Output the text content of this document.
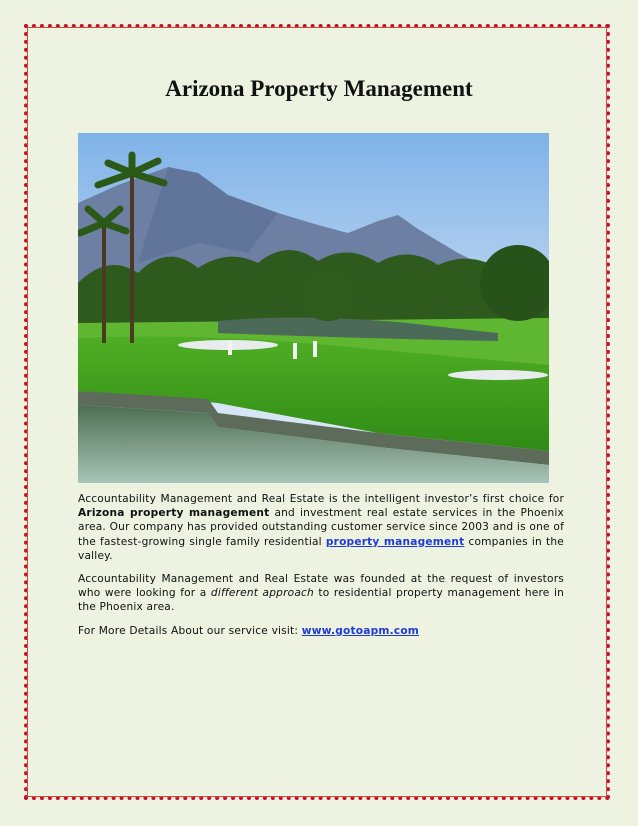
Arizona Property Management

Accountability Management and Real Estate is the intelligent investor’s first choice for Arizona property management and investment real estate services in the Phoenix area. Our company has provided outstanding customer service since 2003 and is one of the fastest-growing single family residential property management companies in the valley.

Accountability Management and Real Estate was founded at the request of investors who were looking for a different approach to residential property management here in the Phoenix area.

For More Details About our service visit: www.gotoapm.com
